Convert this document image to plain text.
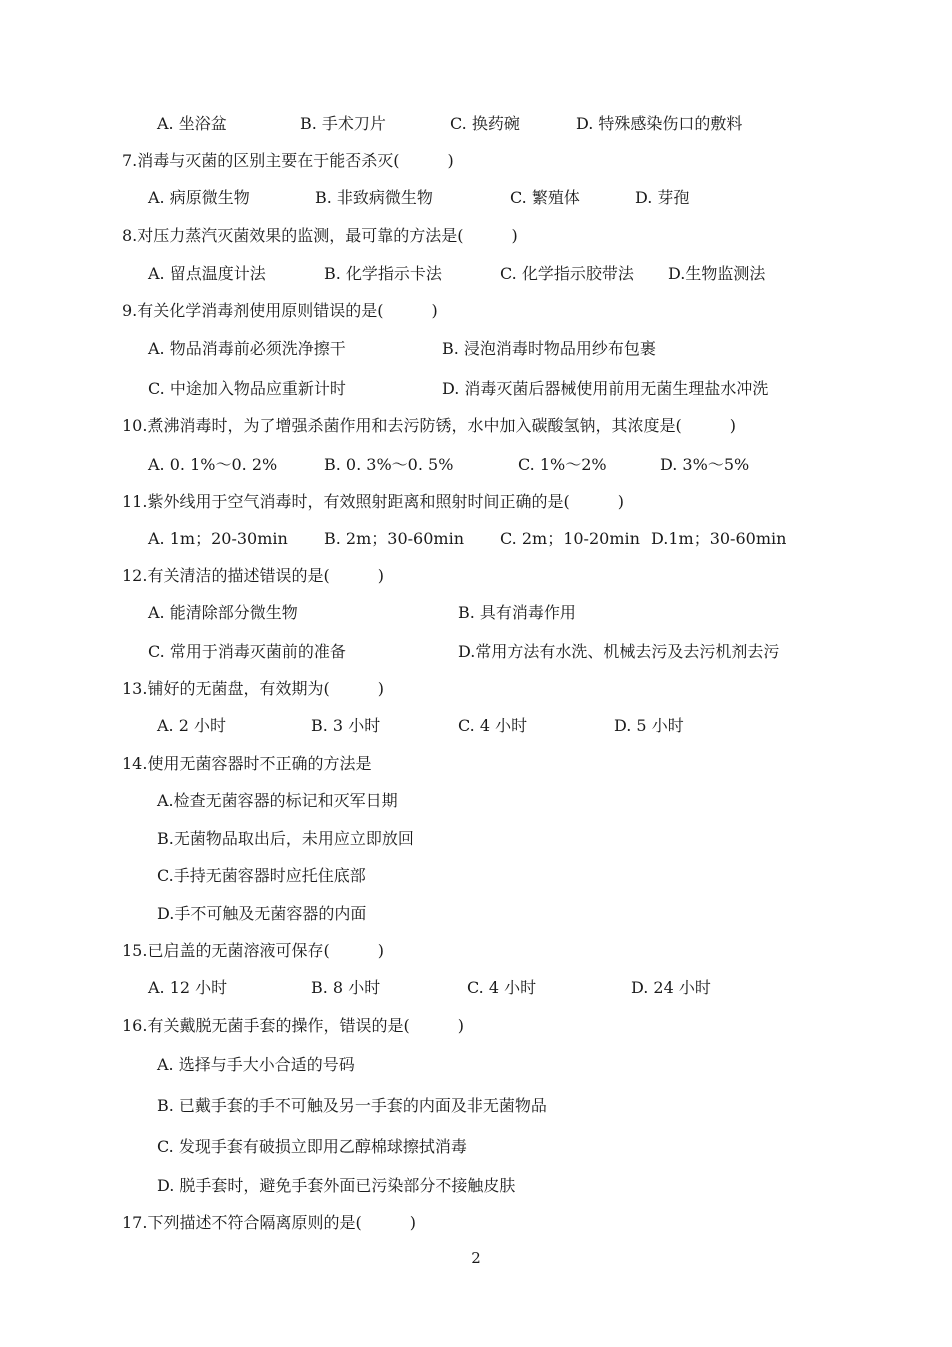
A. 坐浴盆	B. 手术刀片	C. 换药碗	D. 特殊感染伤口的敷料
7.消毒与灭菌的区别主要在于能否杀灭(　　　)
A. 病原微生物	B. 非致病微生物	C. 繁殖体	D. 芽孢
8.对压力蒸汽灭菌效果的监测，最可靠的方法是(　　　)
A. 留点温度计法	B. 化学指示卡法	C. 化学指示胶带法 D.生物监测法
9.有关化学消毒剂使用原则错误的是(　　　)
A. 物品消毒前必须洗净擦干	B. 浸泡消毒时物品用纱布包裹
C. 中途加入物品应重新计时	D. 消毒灭菌后器械使用前用无菌生理盐水冲洗
10.煮沸消毒时，为了增强杀菌作用和去污防锈，水中加入碳酸氢钠，其浓度是(　　　)
A. 0. 1%～0. 2%	B. 0. 3%～0. 5%	C. 1%～2%	D. 3%～5%
11.紫外线用于空气消毒时，有效照射距离和照射时间正确的是(　　　)
A. 1m；20-30min B. 2m；30-60min C. 2m；10-20min D.1m；30-60min
12.有关清洁的描述错误的是(　　　)
A. 能清除部分微生物	B. 具有消毒作用
C. 常用于消毒灭菌前的准备	D.常用方法有水洗、机械去污及去污机剂去污
13.铺好的无菌盘，有效期为(　　　)
A. 2 小时	B. 3 小时	C. 4 小时	D. 5 小时
14.使用无菌容器时不正确的方法是
A.检查无菌容器的标记和灭军日期
B.无菌物品取出后，未用应立即放回
C.手持无菌容器时应托住底部
D.手不可触及无菌容器的内面
15.已启盖的无菌溶液可保存(　　　)
A. 12 小时	B. 8 小时	C. 4 小时	D. 24 小时
16.有关戴脱无菌手套的操作，错误的是(　　　)
A. 选择与手大小合适的号码
B. 已戴手套的手不可触及另一手套的内面及非无菌物品
C. 发现手套有破损立即用乙醇棉球擦拭消毒
D. 脱手套时，避免手套外面已污染部分不接触皮肤
17.下列描述不符合隔离原则的是(　　　)
2
